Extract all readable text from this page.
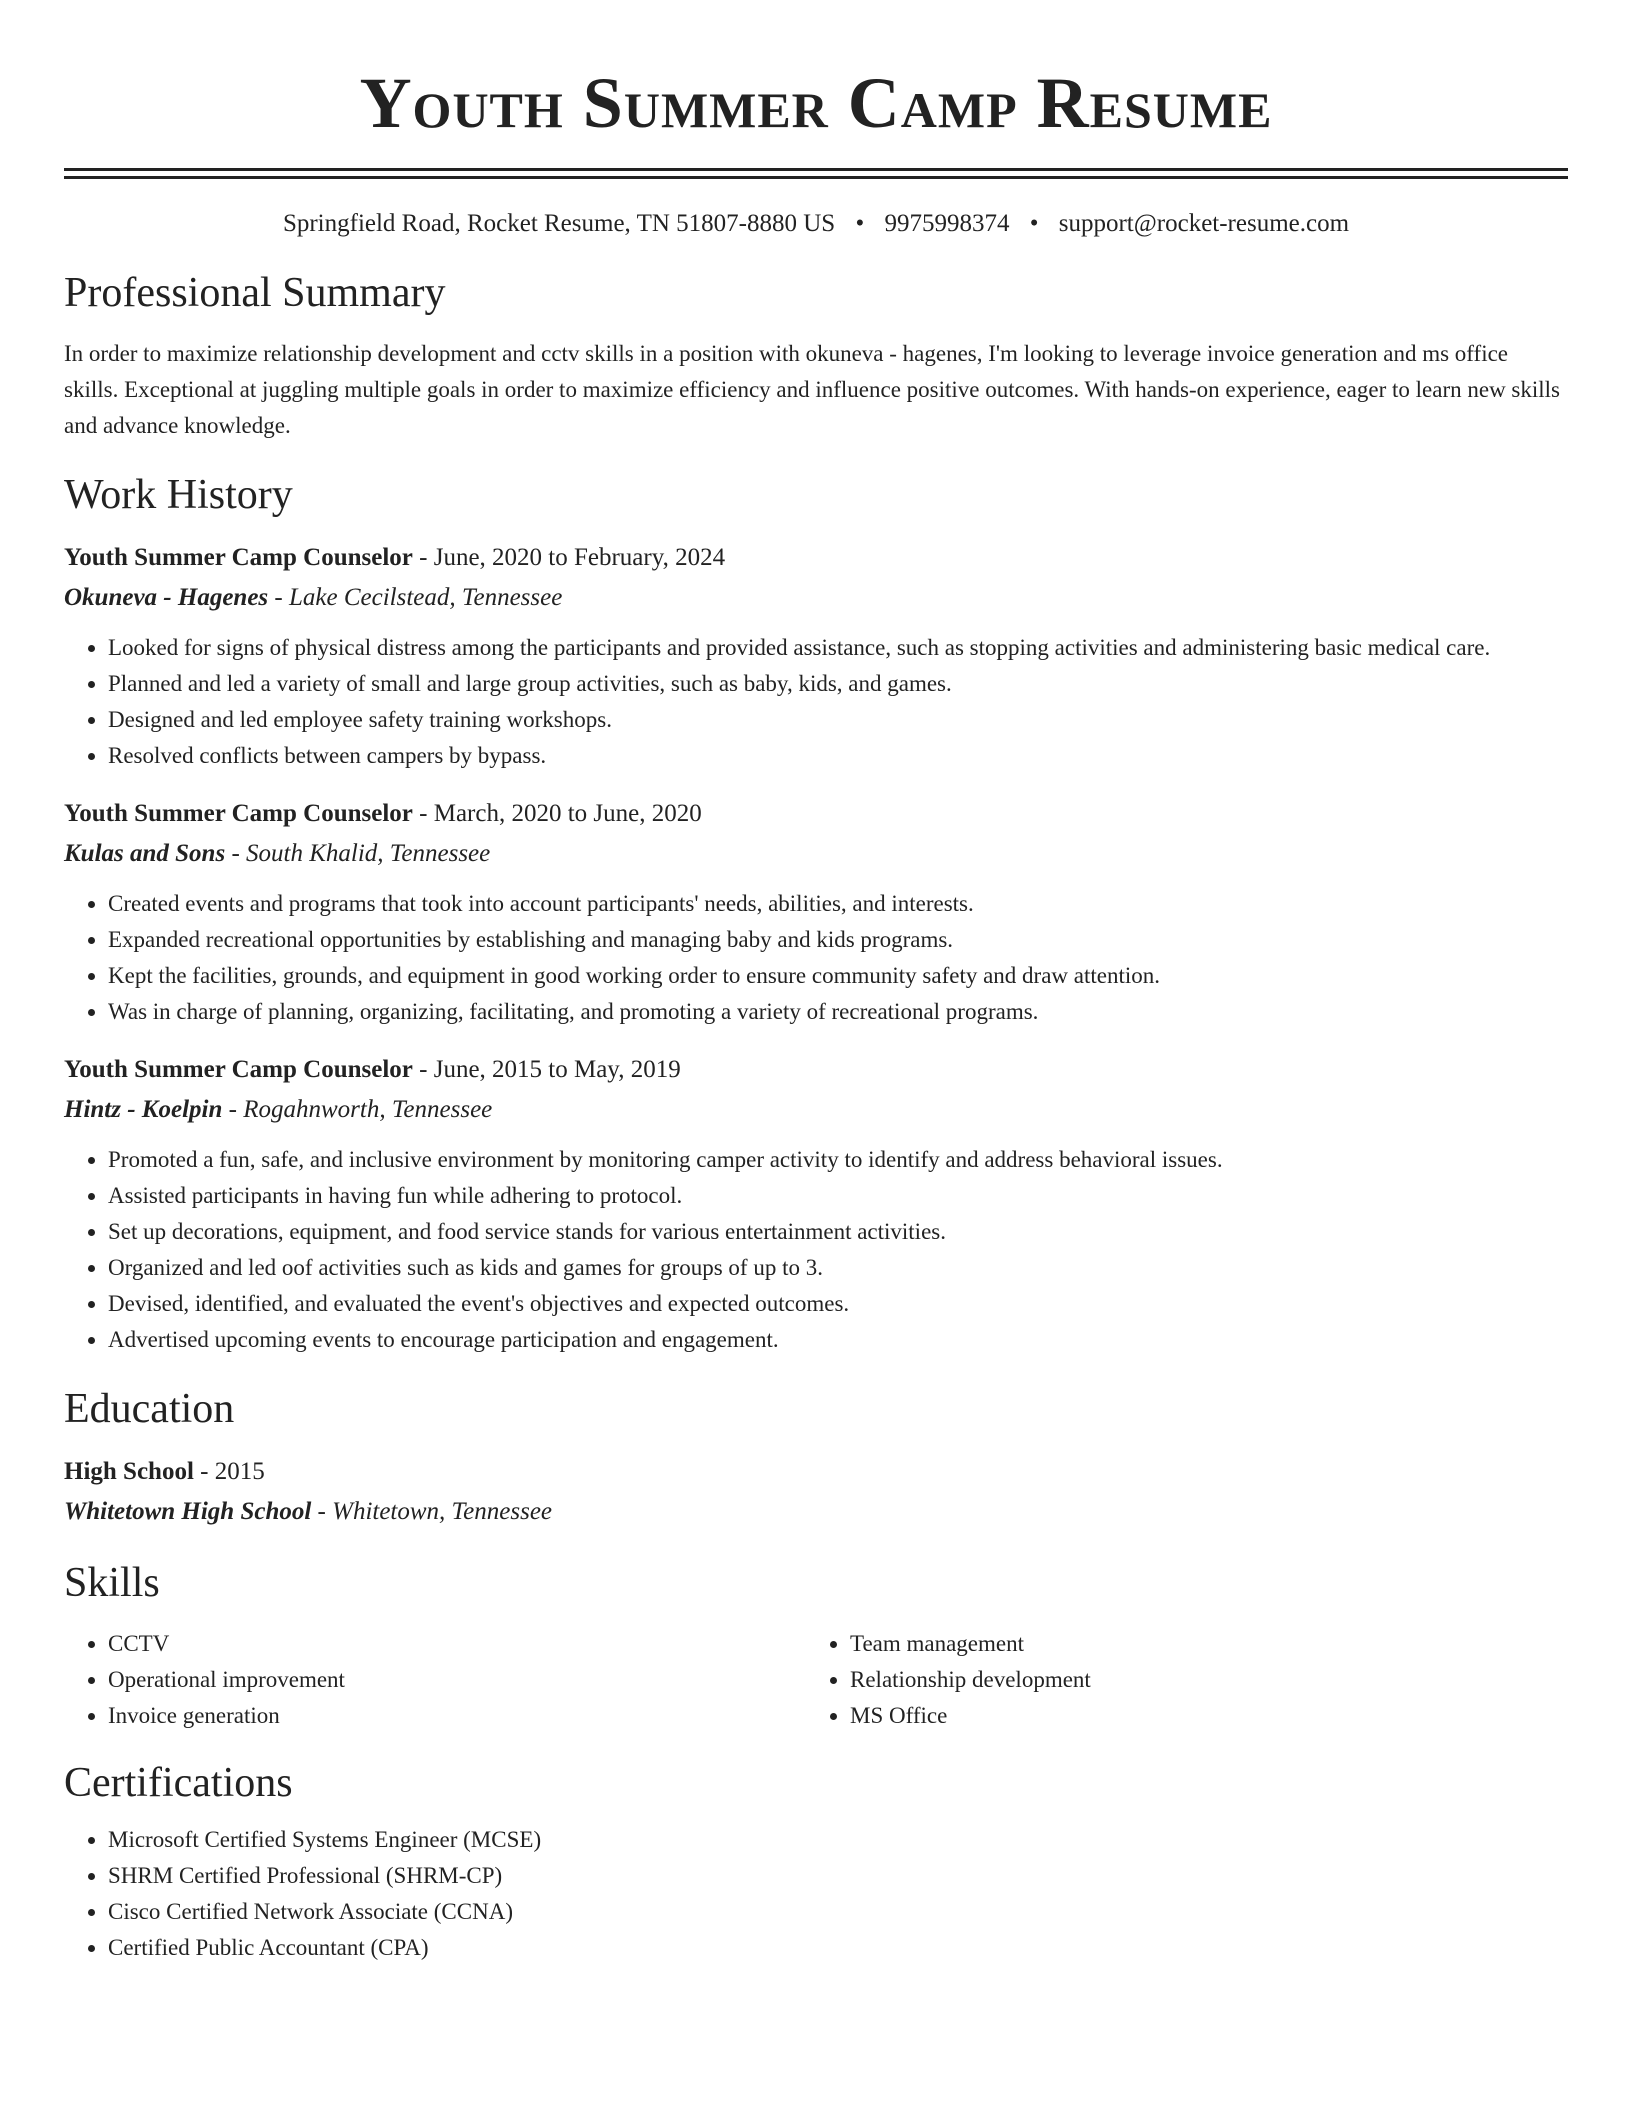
Youth Summer Camp Resume
Springfield Road, Rocket Resume, TN 51807-8880 US • 9975998374 • support@rocket-resume.com
Professional Summary
In order to maximize relationship development and cctv skills in a position with okuneva - hagenes, I'm looking to leverage invoice generation and ms office skills. Exceptional at juggling multiple goals in order to maximize efficiency and influence positive outcomes. With hands-on experience, eager to learn new skills and advance knowledge.
Work History
Youth Summer Camp Counselor - June, 2020 to February, 2024
Okuneva - Hagenes - Lake Cecilstead, Tennessee
• Looked for signs of physical distress among the participants and provided assistance, such as stopping activities and administering basic medical care.
• Planned and led a variety of small and large group activities, such as baby, kids, and games.
• Designed and led employee safety training workshops.
• Resolved conflicts between campers by bypass.
Youth Summer Camp Counselor - March, 2020 to June, 2020
Kulas and Sons - South Khalid, Tennessee
• Created events and programs that took into account participants' needs, abilities, and interests.
• Expanded recreational opportunities by establishing and managing baby and kids programs.
• Kept the facilities, grounds, and equipment in good working order to ensure community safety and draw attention.
• Was in charge of planning, organizing, facilitating, and promoting a variety of recreational programs.
Youth Summer Camp Counselor - June, 2015 to May, 2019
Hintz - Koelpin - Rogahnworth, Tennessee
• Promoted a fun, safe, and inclusive environment by monitoring camper activity to identify and address behavioral issues.
• Assisted participants in having fun while adhering to protocol.
• Set up decorations, equipment, and food service stands for various entertainment activities.
• Organized and led oof activities such as kids and games for groups of up to 3.
• Devised, identified, and evaluated the event's objectives and expected outcomes.
• Advertised upcoming events to encourage participation and engagement.
Education
High School - 2015
Whitetown High School - Whitetown, Tennessee
Skills
• CCTV
• Operational improvement
• Invoice generation
• Team management
• Relationship development
• MS Office
Certifications
• Microsoft Certified Systems Engineer (MCSE)
• SHRM Certified Professional (SHRM-CP)
• Cisco Certified Network Associate (CCNA)
• Certified Public Accountant (CPA)
